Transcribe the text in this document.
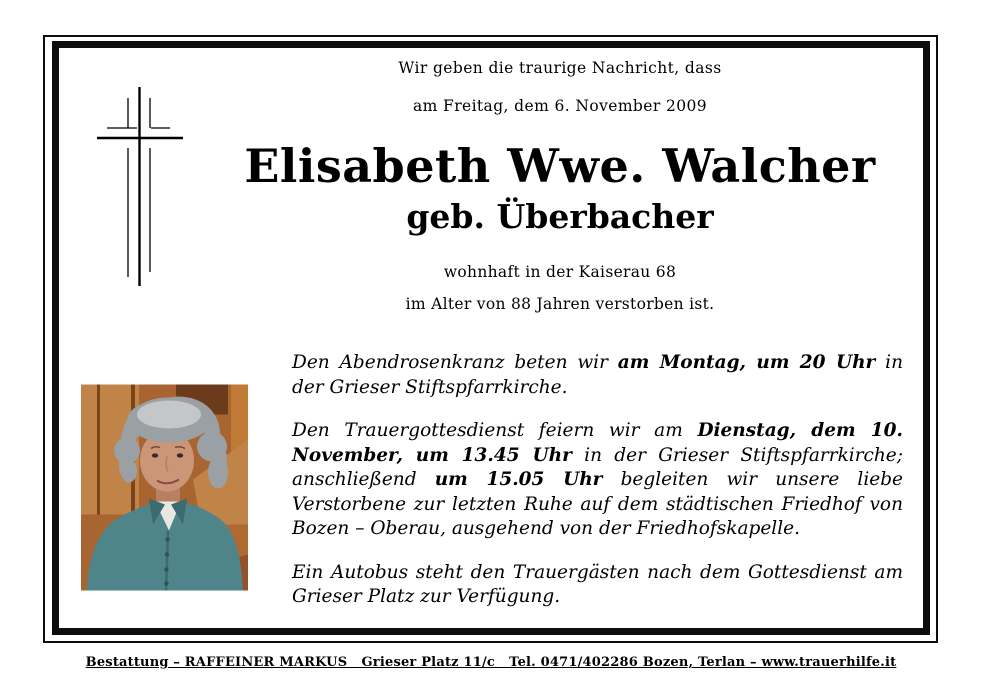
Wir geben die traurige Nachricht, dass
am Freitag, dem 6. November 2009
Elisabeth Wwe. Walcher
geb. Überbacher
wohnhaft in der Kaiserau 68
im Alter von 88 Jahren verstorben ist.

Den Abendrosenkranz beten wir am Montag, um 20 Uhr in der Grieser Stiftspfarrkirche.

Den Trauergottesdienst feiern wir am Dienstag, dem 10. November, um 13.45 Uhr in der Grieser Stiftspfarrkirche; anschließend um 15.05 Uhr begleiten wir unsere liebe Verstorbene zur letzten Ruhe auf dem städtischen Friedhof von Bozen – Oberau, ausgehend von der Friedhofskapelle.

Ein Autobus steht den Trauergästen nach dem Gottesdienst am Grieser Platz zur Verfügung.

Bestattung – RAFFEINER MARKUS   Grieser Platz 11/c   Tel. 0471/402286 Bozen, Terlan – www.trauerhilfe.it
